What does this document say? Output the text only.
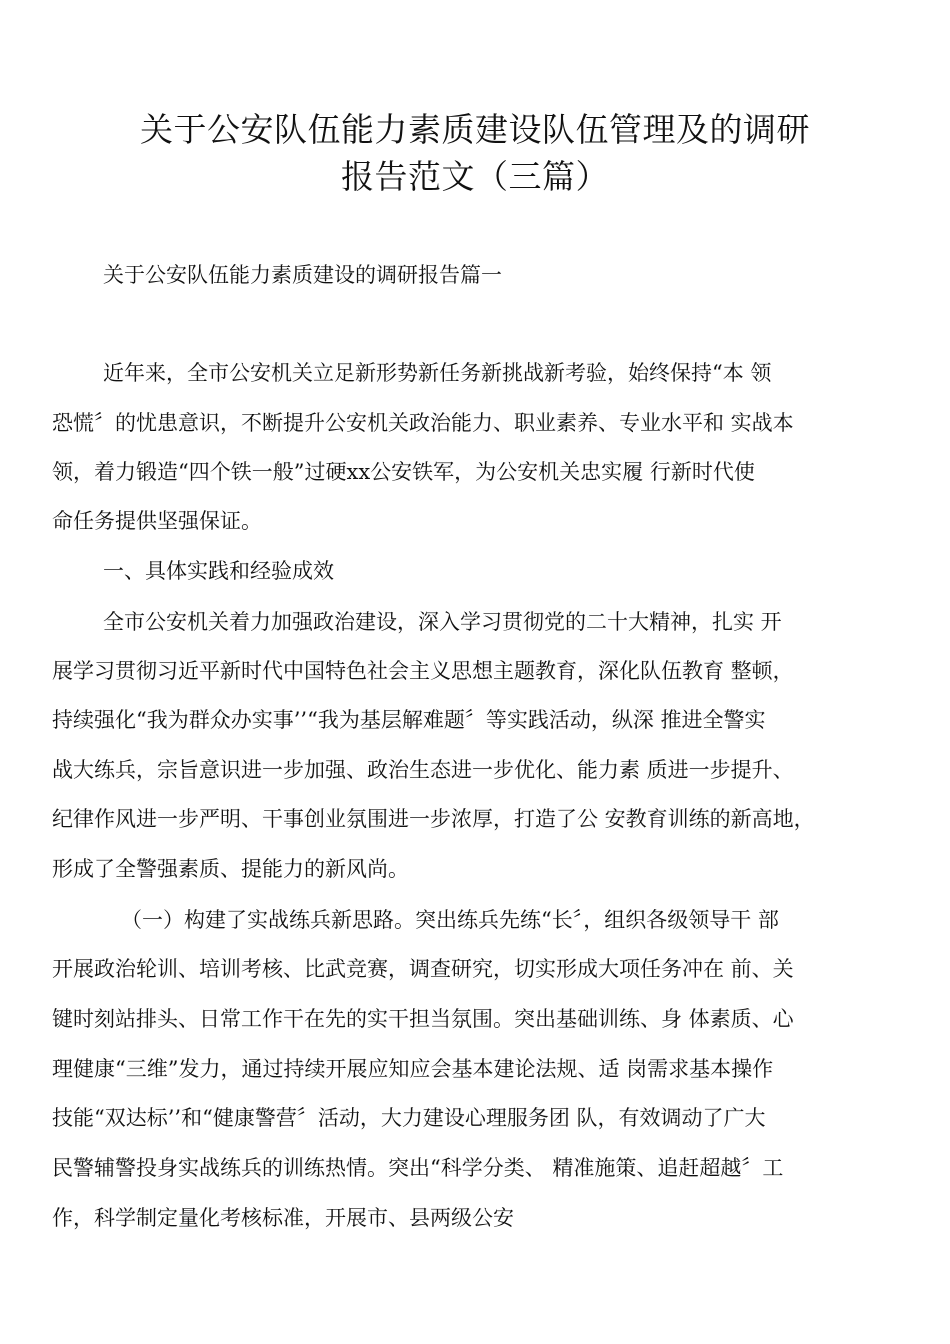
关于公安队伍能力素质建设队伍管理及的调研
报告范文（三篇）
关于公安队伍能力素质建设的调研报告篇一
近年来，全市公安机关立足新形势新任务新挑战新考验，始终保持“本 领
恐慌〞的忧患意识，不断提升公安机关政治能力、职业素养、专业水平和 实战本
领，着力锻造“四个铁一般”过硬xx公安铁军，为公安机关忠实履 行新时代使
命任务提供坚强保证。
一、具体实践和经验成效
全市公安机关着力加强政治建设，深入学习贯彻党的二十大精神，扎实 开
展学习贯彻习近平新时代中国特色社会主义思想主题教育，深化队伍教育 整顿，
持续强化“我为群众办实事’’“我为基层解难题〞等实践活动，纵深 推进全警实
战大练兵，宗旨意识进一步加强、政治生态进一步优化、能力素 质进一步提升、
纪律作风进一步严明、干事创业氛围进一步浓厚，打造了公 安教育训练的新高地，
形成了全警强素质、提能力的新风尚。
（一）构建了实战练兵新思路。突出练兵先练“长〞，组织各级领导干 部
开展政治轮训、培训考核、比武竞赛，调查研究，切实形成大项任务冲在 前、关
键时刻站排头、日常工作干在先的实干担当氛围。突出基础训练、身 体素质、心
理健康“三维”发力，通过持续开展应知应会基本建论法规、适 岗需求基本操作
技能“双达标’’和“健康警营〞活动，大力建设心理服务团 队，有效调动了广大
民警辅警投身实战练兵的训练热情。突出“科学分类、 精准施策、追赶超越〞工
作，科学制定量化考核标准，开展市、县两级公安
